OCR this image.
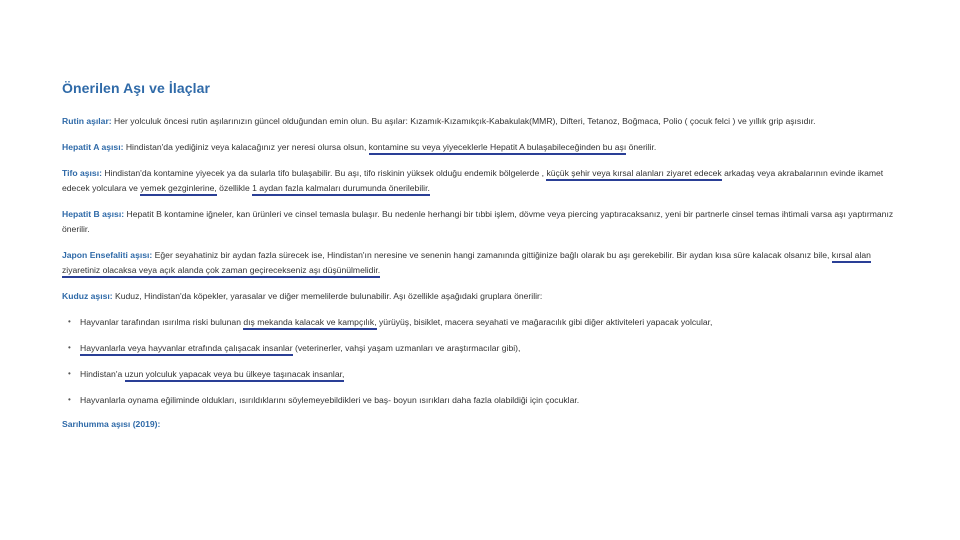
Önerilen Aşı ve İlaçlar

Rutin aşılar: Her yolculuk öncesi rutin aşılarınızın güncel olduğundan emin olun. Bu aşılar: Kızamık-Kızamıkçık-Kabakulak(MMR), Difteri, Tetanoz, Boğmaca, Polio ( çocuk felci ) ve yıllık grip aşısıdır.

Hepatit A aşısı: Hindistan'da yediğiniz veya kalacağınız yer neresi olursa olsun, kontamine su veya yiyeceklerle Hepatit A bulaşabileceğinden bu aşı önerilir.

Tifo aşısı: Hindistan'da kontamine yiyecek ya da sularla tifo bulaşabilir. Bu aşı, tifo riskinin yüksek olduğu endemik bölgelerde , küçük şehir veya kırsal alanları ziyaret edecek arkadaş veya akrabalarının evinde ikamet edecek yolculara ve yemek gezginlerine, özellikle 1 aydan fazla kalmaları durumunda önerilebilir.

Hepatit B aşısı: Hepatit B kontamine iğneler, kan ürünleri ve cinsel temasla bulaşır. Bu nedenle herhangi bir tıbbi işlem, dövme veya piercing yaptıracaksanız, yeni bir partnerle cinsel temas ihtimali varsa aşı yaptırmanız önerilir.

Japon Ensefaliti aşısı: Eğer seyahatiniz bir aydan fazla sürecek ise, Hindistan'ın neresine ve senenin hangi zamanında gittiğinize bağlı olarak bu aşı gerekebilir. Bir aydan kısa süre kalacak olsanız bile, kırsal alan ziyaretiniz olacaksa veya açık alanda çok zaman geçirecekseniz aşı düşünülmelidir.

Kuduz aşısı: Kuduz, Hindistan'da köpekler, yarasalar ve diğer memelilerde bulunabilir. Aşı özellikle aşağıdaki gruplara önerilir:

• Hayvanlar tarafından ısırılma riski bulunan dış mekanda kalacak ve kampçılık, yürüyüş, bisiklet, macera seyahati ve mağaracılık gibi diğer aktiviteleri yapacak yolcular,
• Hayvanlarla veya hayvanlar etrafında çalışacak insanlar (veterinerler, vahşi yaşam uzmanları ve araştırmacılar gibi),
• Hindistan'a uzun yolculuk yapacak veya bu ülkeye taşınacak insanlar,
• Hayvanlarla oynama eğiliminde oldukları, ısırıldıklarını söylemeyebildikleri ve baş- boyun ısırıkları daha fazla olabildiği için çocuklar.
Sarıhumma aşısı (2019):
